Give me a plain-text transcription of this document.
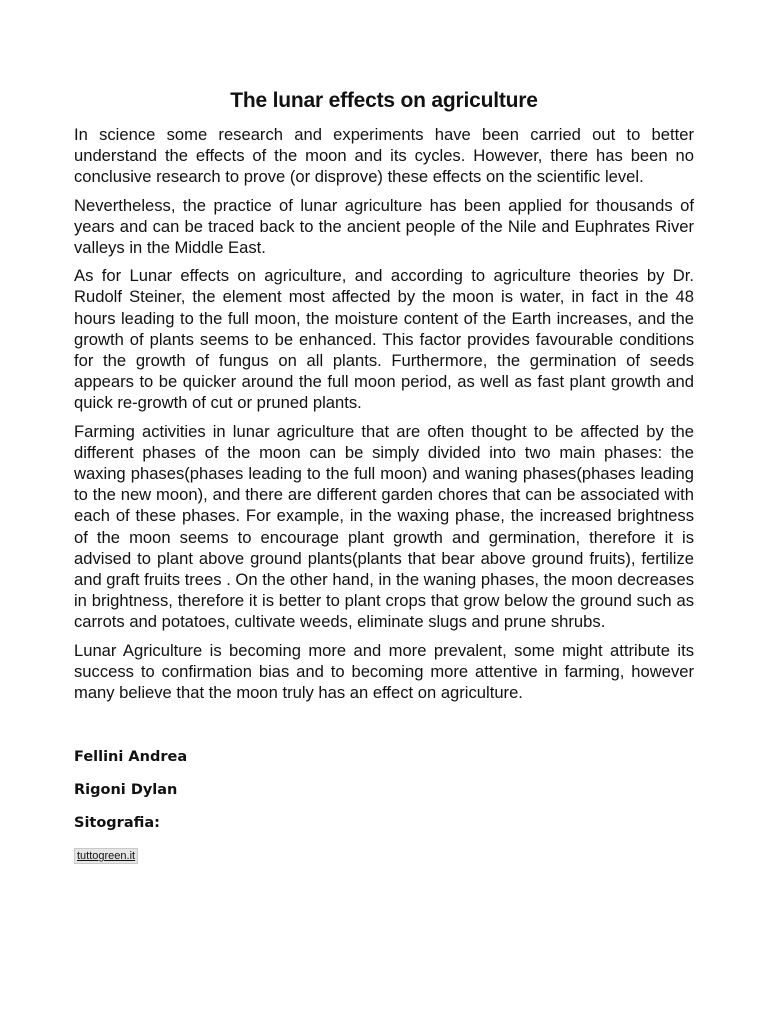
The lunar effects on agriculture

In science some research and experiments have been carried out to better understand the effects of the moon and its cycles. However, there has been no conclusive research to prove (or disprove) these effects on the scientific level.

Nevertheless, the practice of lunar agriculture has been applied for thousands of years and can be traced back to the ancient people of the Nile and Euphrates River valleys in the Middle East.

As for Lunar effects on agriculture, and according to agriculture theories by Dr. Rudolf Steiner, the element most affected by the moon is water, in fact in the 48 hours leading to the full moon, the moisture content of the Earth increases, and the growth of plants seems to be enhanced. This factor provides favourable conditions for the growth of fungus on all plants. Furthermore, the germination of seeds appears to be quicker around the full moon period, as well as fast plant growth and quick re-growth of cut or pruned plants.

Farming activities in lunar agriculture that are often thought to be affected by the different phases of the moon can be simply divided into two main phases: the waxing phases(phases leading to the full moon) and waning phases(phases leading to the new moon), and there are different garden chores that can be associated with each of these phases. For example, in the waxing phase, the increased brightness of the moon seems to encourage plant growth and germination, therefore it is advised to plant above ground plants(plants that bear above ground fruits), fertilize and graft fruits trees . On the other hand, in the waning phases, the moon decreases in brightness, therefore it is better to plant crops that grow below the ground such as carrots and potatoes, cultivate weeds, eliminate slugs and prune shrubs.

Lunar Agriculture is becoming more and more prevalent, some might attribute its success to confirmation bias and to becoming more attentive in farming, however many believe that the moon truly has an effect on agriculture.

Fellini Andrea
Rigoni Dylan
Sitografia:
tuttogreen.it
